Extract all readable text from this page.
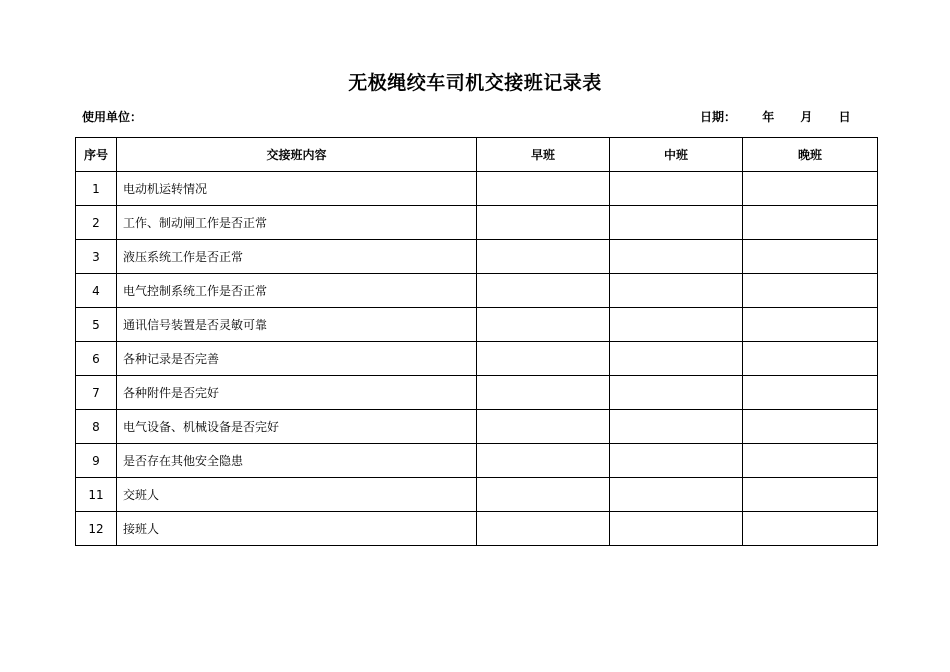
无极绳绞车司机交接班记录表
使用单位：	日期： 年 月 日
序号	交接班内容	早班	中班	晚班
1	电动机运转情况			
2	工作、制动闸工作是否正常			
3	液压系统工作是否正常			
4	电气控制系统工作是否正常			
5	通讯信号装置是否灵敏可靠			
6	各种记录是否完善			
7	各种附件是否完好			
8	电气设备、机械设备是否完好			
9	是否存在其他安全隐患			
11	交班人			
12	接班人			
